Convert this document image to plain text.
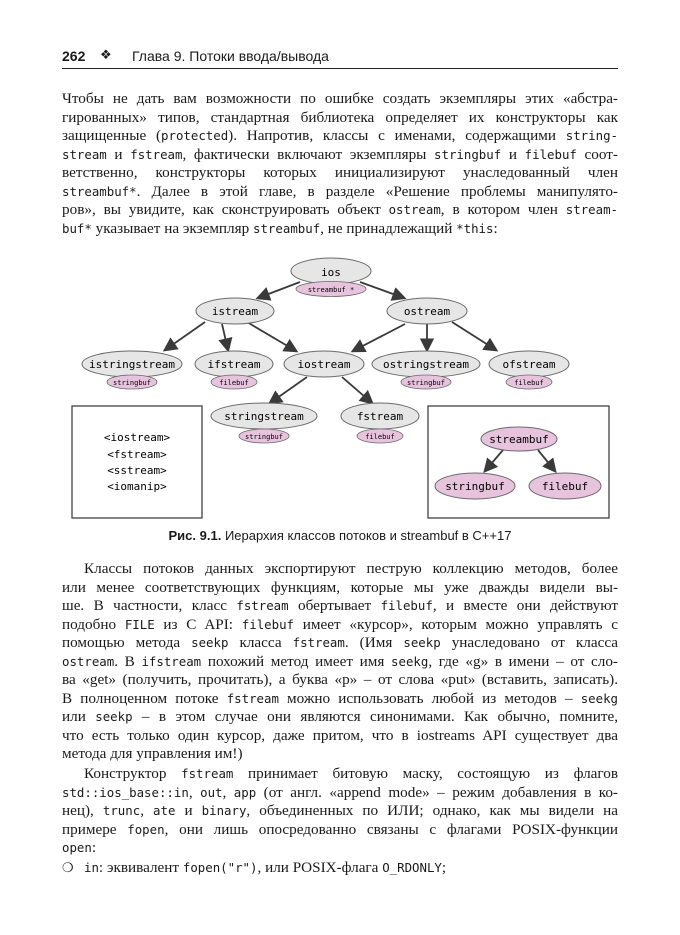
262 ❖ Глава 9. Потоки ввода/вывода
Чтобы не дать вам возможности по ошибке создать экземпляры этих «абстра-
гированных» типов, стандартная библиотека определяет их конструкторы как
защищенные (protected). Напротив, классы с именами, содержащими string-
stream и fstream, фактически включают экземпляры stringbuf и filebuf соот-
ветственно, конструкторы которых инициализируют унаследованный член
streambuf*. Далее в этой главе, в разделе «Решение проблемы манипулято-
ров», вы увидите, как сконструировать объект ostream, в котором член stream-
buf* указывает на экземпляр streambuf, не принадлежащий *this:
ios
streambuf *
istream	ostream
istringstream
stringbuf
ifstream
filebuf
iostream	ostringstream
stringbuf
ofstream
filebuf
stringstream
stringbuf
fstream
filebuf
<iostream>
<fstream>
<sstream>
<iomanip>
streambuf
stringbuf	filebuf
Рис. 9.1. Иерархия классов потоков и streambuf в C++17
Классы потоков данных экспортируют пеструю коллекцию методов, более
или менее соответствующих функциям, которые мы уже дважды видели вы-
ше. В частности, класс fstream обертывает filebuf, и вместе они действуют
подобно FILE из C API: filebuf имеет «курсор», которым можно управлять с
помощью метода seekp класса fstream. (Имя seekp унаследовано от класса
ostream. В ifstream похожий метод имеет имя seekg, где «g» в имени – от сло-
ва «get» (получить, прочитать), а буква «p» – от слова «put» (вставить, записать).
В полноценном потоке fstream можно использовать любой из методов – seekg
или seekp – в этом случае они являются синонимами. Как обычно, помните,
что есть только один курсор, даже притом, что в iostreams API существует два
метода для управления им!)
Конструктор fstream принимает битовую маску, состоящую из флагов
std::ios_base::in, out, app (от англ. «append mode» – режим добавления в ко-
нец), trunc, ate и binary, объединенных по ИЛИ; однако, как мы видели на
примере fopen, они лишь опосредованно связаны с флагами POSIX-функции
open:
❍ in: эквивалент fopen("r"), или POSIX-флага O_RDONLY;
